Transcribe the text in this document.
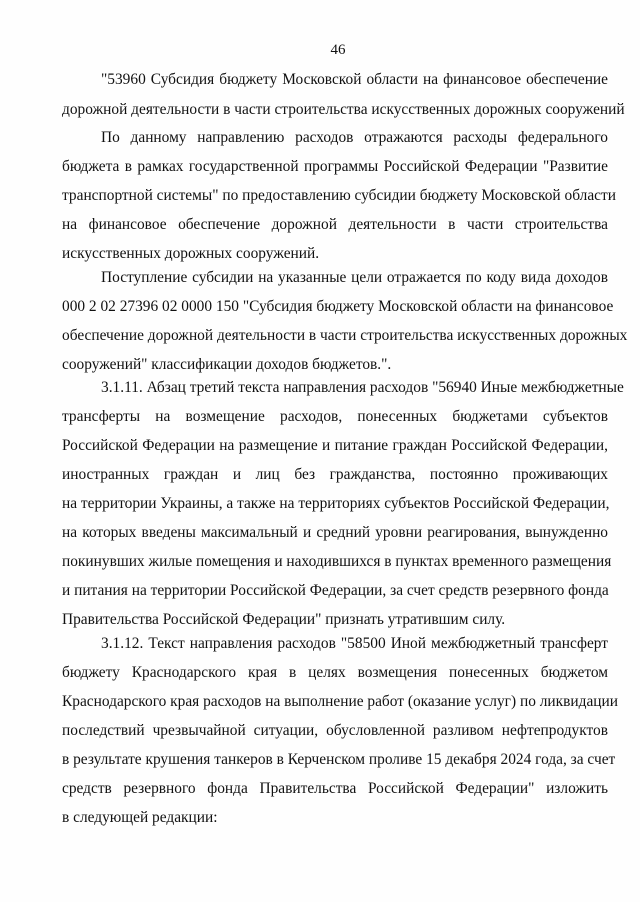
46
"53960 Субсидия бюджету Московской области на финансовое обеспечение
дорожной деятельности в части строительства искусственных дорожных сооружений
По данному направлению расходов отражаются расходы федерального
бюджета в рамках государственной программы Российской Федерации "Развитие
транспортной системы" по предоставлению субсидии бюджету Московской области
на финансовое обеспечение дорожной деятельности в части строительства
искусственных дорожных сооружений.
Поступление субсидии на указанные цели отражается по коду вида доходов
000 2 02 27396 02 0000 150 "Субсидия бюджету Московской области на финансовое
обеспечение дорожной деятельности в части строительства искусственных дорожных
сооружений" классификации доходов бюджетов.".
3.1.11. Абзац третий текста направления расходов "56940 Иные межбюджетные
трансферты на возмещение расходов, понесенных бюджетами субъектов
Российской Федерации на размещение и питание граждан Российской Федерации,
иностранных граждан и лиц без гражданства, постоянно проживающих
на территории Украины, а также на территориях субъектов Российской Федерации,
на которых введены максимальный и средний уровни реагирования, вынужденно
покинувших жилые помещения и находившихся в пунктах временного размещения
и питания на территории Российской Федерации, за счет средств резервного фонда
Правительства Российской Федерации" признать утратившим силу.
3.1.12. Текст направления расходов "58500 Иной межбюджетный трансферт
бюджету Краснодарского края в целях возмещения понесенных бюджетом
Краснодарского края расходов на выполнение работ (оказание услуг) по ликвидации
последствий чрезвычайной ситуации, обусловленной разливом нефтепродуктов
в результате крушения танкеров в Керченском проливе 15 декабря 2024 года, за счет
средств резервного фонда Правительства Российской Федерации" изложить
в следующей редакции:
